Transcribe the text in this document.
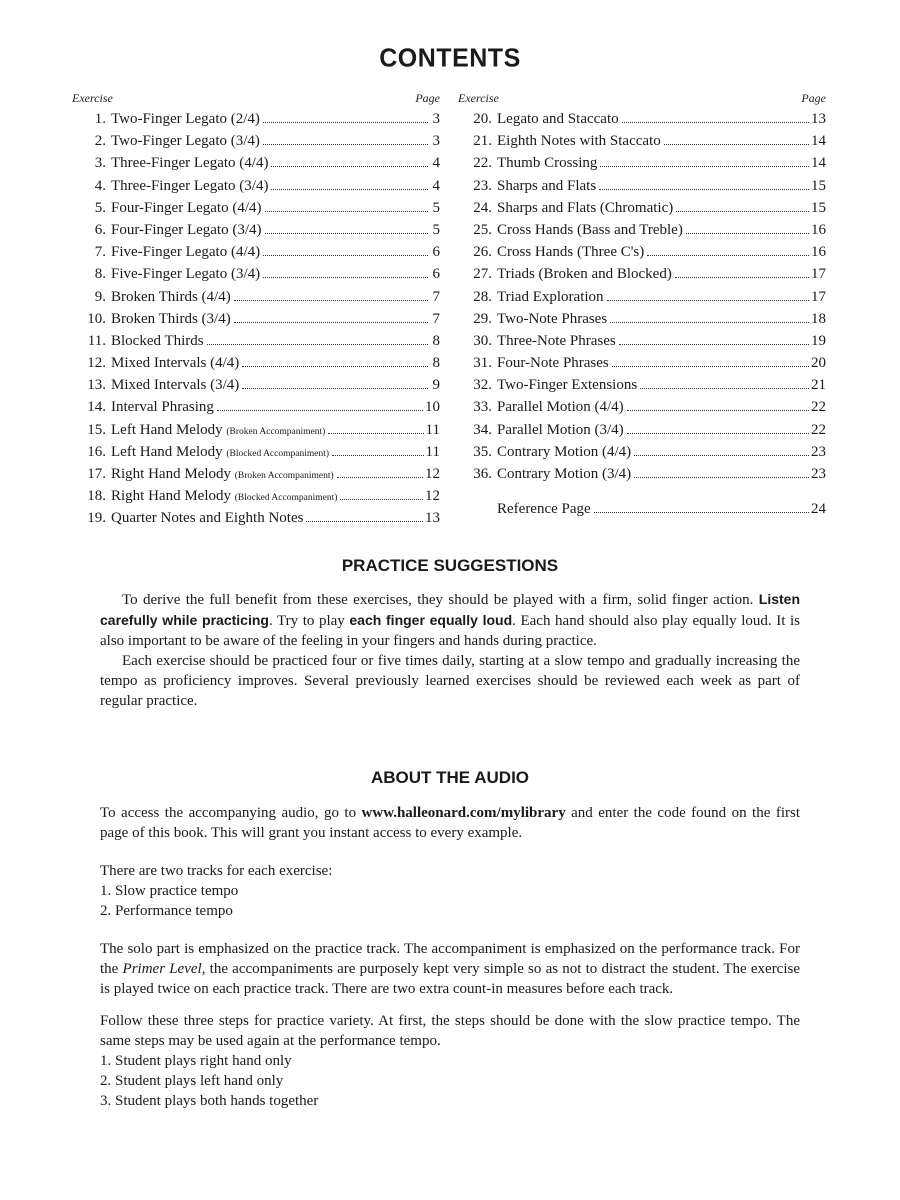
CONTENTS
Exercise	Page
1. Two-Finger Legato (2/4)	3
2. Two-Finger Legato (3/4)	3
3. Three-Finger Legato (4/4)	4
4. Three-Finger Legato (3/4)	4
5. Four-Finger Legato (4/4)	5
6. Four-Finger Legato (3/4)	5
7. Five-Finger Legato (4/4)	6
8. Five-Finger Legato (3/4)	6
9. Broken Thirds (4/4)	7
10. Broken Thirds (3/4)	7
11. Blocked Thirds	8
12. Mixed Intervals (4/4)	8
13. Mixed Intervals (3/4)	9
14. Interval Phrasing	10
15. Left Hand Melody (Broken Accompaniment)	11
16. Left Hand Melody (Blocked Accompaniment)	11
17. Right Hand Melody (Broken Accompaniment)	12
18. Right Hand Melody (Blocked Accompaniment)	12
19. Quarter Notes and Eighth Notes	13
Exercise	Page
20. Legato and Staccato	13
21. Eighth Notes with Staccato	14
22. Thumb Crossing	14
23. Sharps and Flats	15
24. Sharps and Flats (Chromatic)	15
25. Cross Hands (Bass and Treble)	16
26. Cross Hands (Three C's)	16
27. Triads (Broken and Blocked)	17
28. Triad Exploration	17
29. Two-Note Phrases	18
30. Three-Note Phrases	19
31. Four-Note Phrases	20
32. Two-Finger Extensions	21
33. Parallel Motion (4/4)	22
34. Parallel Motion (3/4)	22
35. Contrary Motion (4/4)	23
36. Contrary Motion (3/4)	23
Reference Page	24
PRACTICE SUGGESTIONS

To derive the full benefit from these exercises, they should be played with a firm, solid finger action. Listen carefully while practicing. Try to play each finger equally loud. Each hand should also play equally loud. It is also important to be aware of the feeling in your fingers and hands during practice.

Each exercise should be practiced four or five times daily, starting at a slow tempo and gradually increasing the tempo as proficiency improves. Several previously learned exercises should be reviewed each week as part of regular practice.

ABOUT THE AUDIO

To access the accompanying audio, go to www.halleonard.com/mylibrary and enter the code found on the first page of this book. This will grant you instant access to every example.

There are two tracks for each exercise:

1. Slow practice tempo
2. Performance tempo

The solo part is emphasized on the practice track. The accompaniment is emphasized on the performance track. For the Primer Level, the accompaniments are purposely kept very simple so as not to distract the student. The exercise is played twice on each practice track. There are two extra count-in measures before each track.

Follow these three steps for practice variety. At first, the steps should be done with the slow practice tempo. The same steps may be used again at the performance tempo.

1. Student plays right hand only
2. Student plays left hand only
3. Student plays both hands together
